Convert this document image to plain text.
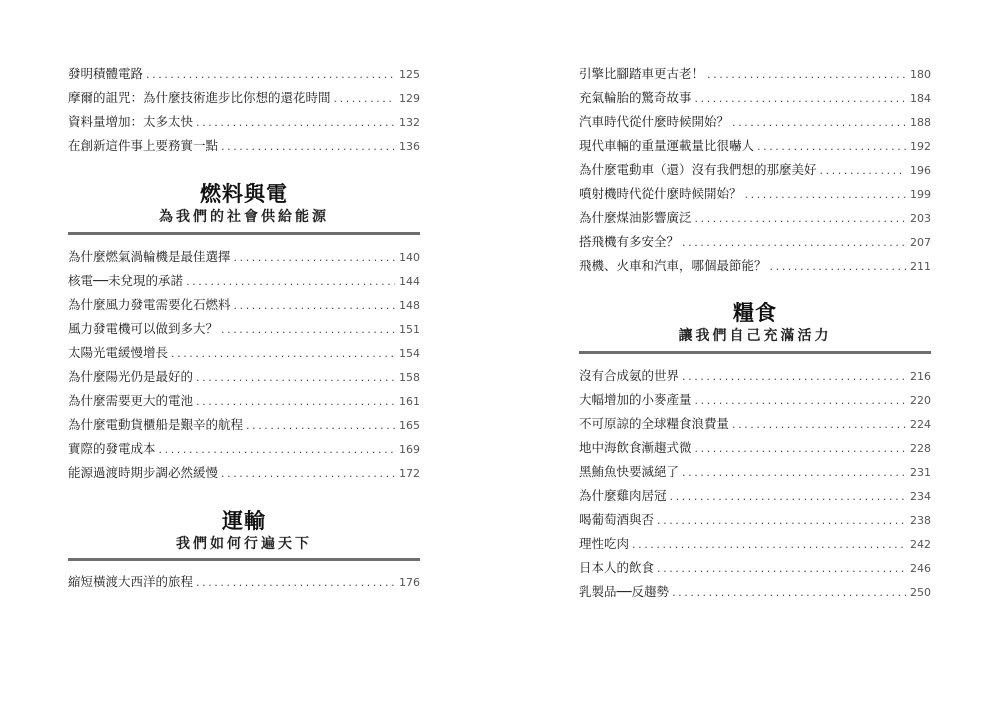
發明積體電路 .....	125
摩爾的詛咒：為什麼技術進步比你想的還花時間 .....	129
資料量增加：太多太快 .....	132
在創新這件事上要務實一點 .....	136
燃料與電
為我們的社會供給能源
為什麼燃氣渦輪機是最佳選擇 .....	140
核電──未兌現的承諾 .....	144
為什麼風力發電需要化石燃料 .....	148
風力發電機可以做到多大？ .....	151
太陽光電緩慢增長 .....	154
為什麼陽光仍是最好的 .....	158
為什麼需要更大的電池 .....	161
為什麼電動貨櫃船是艱辛的航程 .....	165
實際的發電成本 .....	169
能源過渡時期步調必然緩慢 .....	172
運輸
我們如何行遍天下
縮短橫渡大西洋的旅程 .....	176
引擎比腳踏車更古老！ .....	180
充氣輪胎的驚奇故事 .....	184
汽車時代從什麼時候開始？ .....	188
現代車輛的重量運載量比很嚇人 .....	192
為什麼電動車（還）沒有我們想的那麼美好 .....	196
噴射機時代從什麼時候開始？ .....	199
為什麼煤油影響廣泛 .....	203
搭飛機有多安全？ .....	207
飛機、火車和汽車，哪個最節能？ .....	211
糧食
讓我們自己充滿活力
沒有合成氨的世界 .....	216
大幅增加的小麥產量 .....	220
不可原諒的全球糧食浪費量 .....	224
地中海飲食漸趨式微 .....	228
黑鮪魚快要滅絕了 .....	231
為什麼雞肉居冠 .....	234
喝葡萄酒與否 .....	238
理性吃肉 .....	242
日本人的飲食 .....	246
乳製品──反趨勢 .....	250
